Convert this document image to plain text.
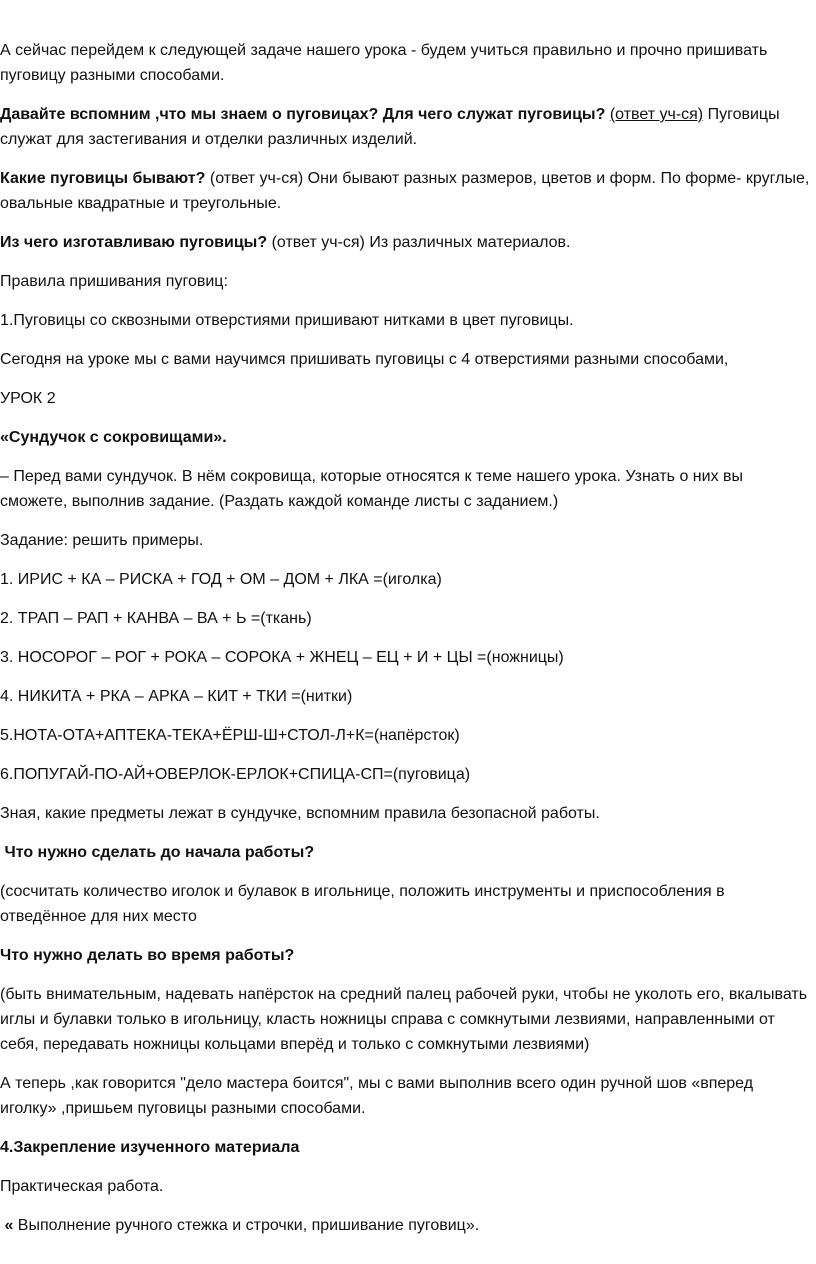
А сейчас перейдем к следующей задаче нашего урока - будем учиться правильно и прочно пришивать пуговицу разными способами.

Давайте вспомним ,что мы знаем о пуговицах? Для чего служат пуговицы? (ответ уч-ся) Пуговицы служат для застегивания и отделки различных изделий.

Какие пуговицы бывают? (ответ уч-ся) Они бывают разных размеров, цветов и форм. По форме- круглые, овальные квадратные и треугольные.

Из чего изготавливаю пуговицы? (ответ уч-ся) Из различных материалов.

Правила пришивания пуговиц:

1.Пуговицы со сквозными отверстиями пришивают нитками в цвет пуговицы.

Сегодня на уроке мы с вами научимся пришивать пуговицы с 4 отверстиями разными способами,

УРОК 2

«Сундучок с сокровищами».

– Перед вами сундучок. В нём сокровища, которые относятся к теме нашего урока. Узнать о них вы сможете, выполнив задание. (Раздать каждой команде листы с заданием.)

Задание: решить примеры.

1. ИРИС + КА – РИСКА + ГОД + ОМ – ДОМ + ЛКА =(иголка)

2. ТРАП – РАП + КАНВА – ВА + Ь =(ткань)

3. НОСОРОГ – РОГ + РОКА – СОРОКА + ЖНЕЦ – ЕЦ + И + ЦЫ =(ножницы)

4. НИКИТА + РКА – АРКА – КИТ + ТКИ =(нитки)

5.НОТА-ОТА+АПТЕКА-ТЕКА+ЁРШ-Ш+СТОЛ-Л+К=(напёрсток)

6.ПОПУГАЙ-ПО-АЙ+ОВЕРЛОК-ЕРЛОК+СПИЦА-СП=(пуговица)

Зная, какие предметы лежат в сундучке, вспомним правила безопасной работы.

Что нужно сделать до начала работы?

(сосчитать количество иголок и булавок в игольнице, положить инструменты и приспособления в отведённое для них место

Что нужно делать во время работы?

(быть внимательным, надевать напёрсток на средний палец рабочей руки, чтобы не уколоть его, вкалывать иглы и булавки только в игольницу, класть ножницы справа с сомкнутыми лезвиями, направленными от себя, передавать ножницы кольцами вперёд и только с сомкнутыми лезвиями)

А теперь ,как говорится "дело мастера боится", мы с вами выполнив всего один ручной шов «вперед иголку» ,пришьем пуговицы разными способами.

4.Закрепление изученного материала

Практическая работа.

« Выполнение ручного стежка и строчки, пришивание пуговиц».
